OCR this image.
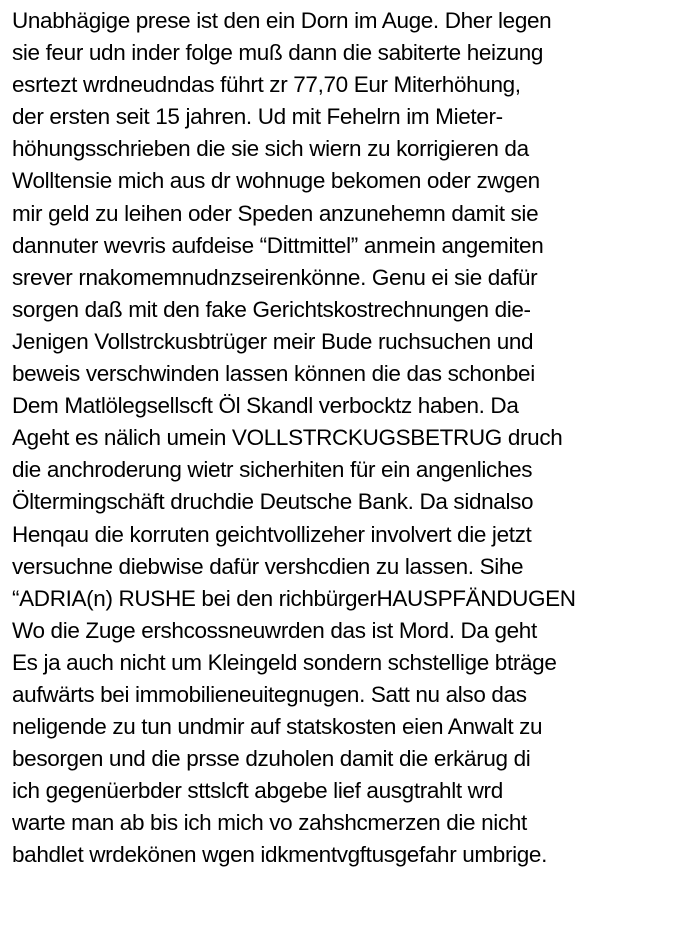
Unabhägige prese ist den ein Dorn im Auge. Dher legen
sie feur udn inder folge muß dann die sabiterte heizung
esrtezt wrdneudndas führt zr 77,70 Eur Miterhöhung,
der ersten seit 15 jahren. Ud mit Fehelrn im Mieter-
höhungsschrieben die sie sich wiern zu korrigieren da
Wolltensie mich aus dr wohnuge bekomen oder zwgen
mir geld zu leihen oder Speden anzunehemn damit sie
dannuter wevris aufdeise “Dittmittel” anmein angemiten
srever rnakomemnudnzseirenkönne. Genu ei sie dafür
sorgen daß mit den fake Gerichtskostrechnungen die-
Jenigen Vollstrckusbtrüger meir Bude ruchsuchen und
beweis verschwinden lassen können die das schonbei
Dem Matlölegsellscft Öl Skandl verbocktz haben. Da
Ageht es nälich umein VOLLSTRCKUGSBETRUG druch
die anchroderung wietr sicherhiten für ein angenliches
Öltermingschäft druchdie Deutsche Bank. Da sidnalso
Henqau die korruten geichtvollizeher involvert die jetzt
versuchne diebwise dafür vershcdien zu lassen. Sihe
“ADRIA(n) RUSHE bei den richbürgerHAUSPFÄNDUGEN
Wo die Zuge ershcossneuwrden das ist Mord. Da geht
Es ja auch nicht um Kleingeld sondern schstellige bträge
aufwärts bei immobilieneuitegnugen. Satt nu also das
neligende zu tun undmir auf statskosten eien Anwalt zu
besorgen und die prsse dzuholen damit die erkärug di
ich gegenüerbder sttslcft abgebe lief ausgtrahlt wrd
warte man ab bis ich mich vo zahshcmerzen die nicht
bahdlet wrdekönen wgen idkmentvgftusgefahr umbrige.
